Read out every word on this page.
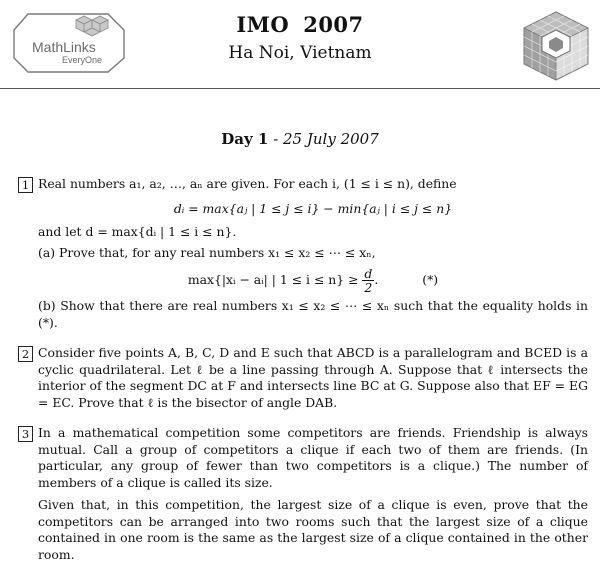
MathLinks
EveryOne
IMO 2007
Ha Noi, Vietnam
Day 1 - 25 July 2007
1 Real numbers a₁, a₂, …, aₙ are given. For each i, (1 ≤ i ≤ n), define
dᵢ = max{aⱼ | 1 ≤ j ≤ i} − min{aⱼ | i ≤ j ≤ n}
and let d = max{dᵢ | 1 ≤ i ≤ n}.
(a) Prove that, for any real numbers x₁ ≤ x₂ ≤ ⋯ ≤ xₙ,
max{|xᵢ − aᵢ| | $1 \le i \le n\} \ge \frac{d}{2}$ .	(*)
(b) Show that there are real numbers x₁ ≤ x₂ ≤ ⋯ ≤ xₙ such that the equality holds in (*).
2 Consider five points A, B, C, D and E such that ABCD is a parallelogram and BCED is a cyclic quadrilateral. Let ℓ be a line passing through A. Suppose that ℓ intersects the interior of the segment DC at F and intersects line BC at G. Suppose also that EF = EG = EC. Prove that ℓ is the bisector of angle DAB.
3 In a mathematical competition some competitors are friends. Friendship is always mutual. Call a group of competitors a clique if each two of them are friends. (In particular, any group of fewer than two competitors is a clique.) The number of members of a clique is called its size.
Given that, in this competition, the largest size of a clique is even, prove that the competitors can be arranged into two rooms such that the largest size of a clique contained in one room is the same as the largest size of a clique contained in the other room.
